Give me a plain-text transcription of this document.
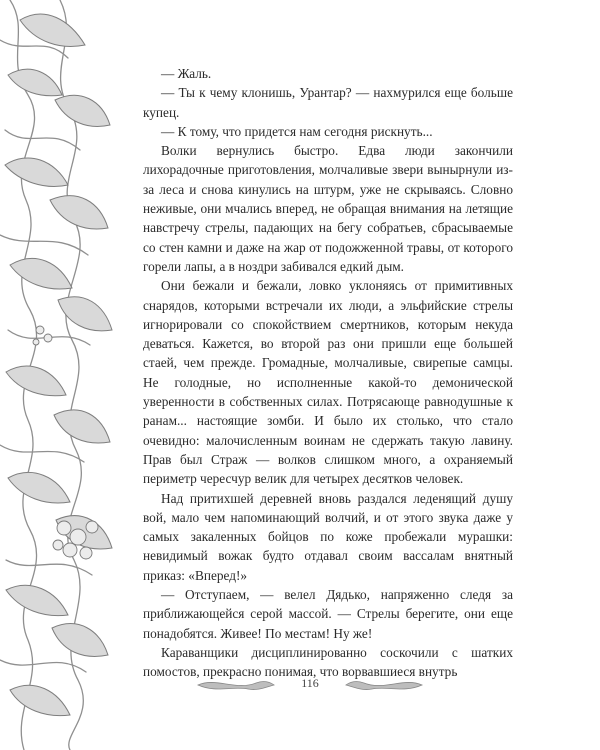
— Жаль.

— Ты к чему клонишь, Урантар? — нахмурился еще больше купец.

— К тому, что придется нам сегодня рискнуть...

Волки вернулись быстро. Едва люди закончили лихорадочные приготовления, молчаливые звери вынырнули из-за леса и снова кинулись на штурм, уже не скрываясь. Словно неживые, они мчались вперед, не обращая внимания на летящие навстречу стрелы, падающих на бегу собратьев, сбрасываемые со стен камни и даже на жар от подожженной травы, от которого горели лапы, а в ноздри забивался едкий дым.

Они бежали и бежали, ловко уклоняясь от примитивных снарядов, которыми встречали их люди, а эльфийские стрелы игнорировали со спокойствием смертников, которым некуда деваться. Кажется, во второй раз они пришли еще большей стаей, чем прежде. Громадные, молчаливые, свирепые самцы. Не голодные, но исполненные какой-то демонической уверенности в собственных силах. Потрясающе равнодушные к ранам... настоящие зомби. И было их столько, что стало очевидно: малочисленным воинам не сдержать такую лавину. Прав был Страж — волков слишком много, а охраняемый периметр чересчур велик для четырех десятков человек.

Над притихшей деревней вновь раздался леденящий душу вой, мало чем напоминающий волчий, и от этого звука даже у самых закаленных бойцов по коже пробежали мурашки: невидимый вожак будто отдавал своим вассалам внятный приказ: «Вперед!»

— Отступаем, — велел Дядько, напряженно следя за приближающейся серой массой. — Стрелы берегите, они еще понадобятся. Живее! По местам! Ну же!

Караванщики дисциплинированно соскочили с шатких помостов, прекрасно понимая, что ворвавшиеся внутрь

116
